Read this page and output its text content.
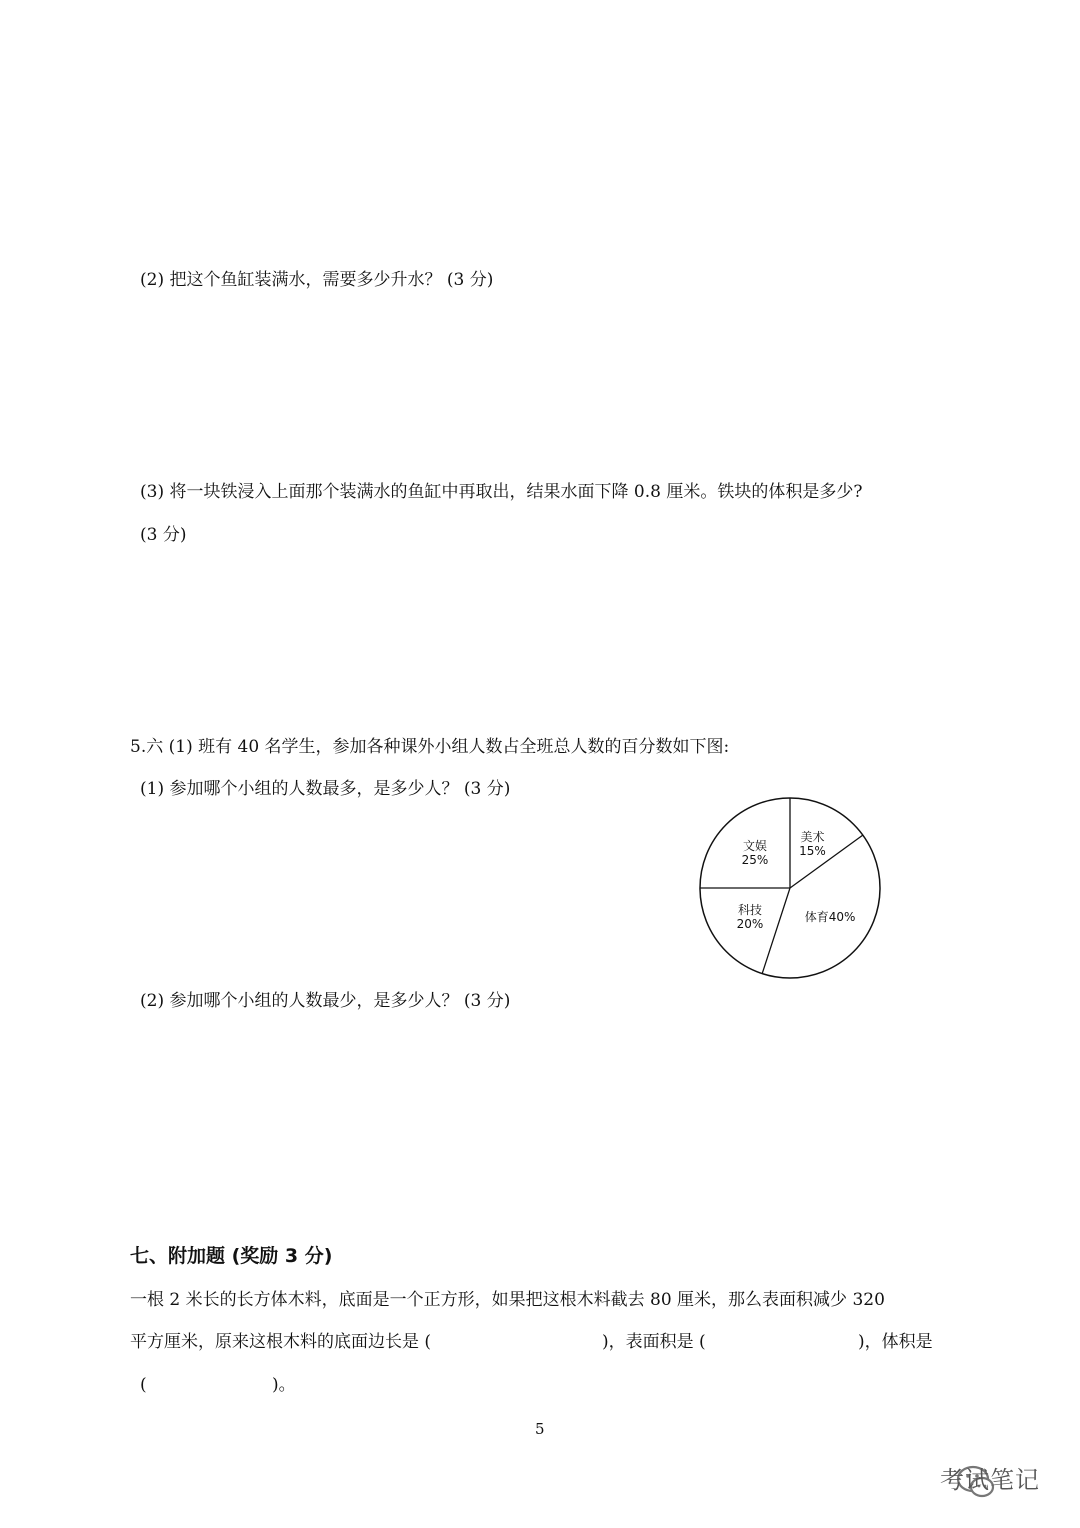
(2) 把这个鱼缸装满水，需要多少升水？ (3 分)
(3) 将一块铁浸入上面那个装满水的鱼缸中再取出，结果水面下降 0.8 厘米。铁块的体积是多少?
(3 分)
5.六 (1) 班有 40 名学生，参加各种课外小组人数占全班总人数的百分数如下图:
(1) 参加哪个小组的人数最多，是多少人？ (3 分)
(2) 参加哪个小组的人数最少，是多少人？ (3 分)
美术
15%
体育40%
科技
20%
文娱
25%
七、附加题 (奖励 3 分)
一根 2 米长的长方体木料，底面是一个正方形，如果把这根木料截去 80 厘米，那么表面积减少 320
平方厘米，原来这根木料的底面边长是 (	)，表面积是 (	)，体积是
(	)。
5
考试笔记
